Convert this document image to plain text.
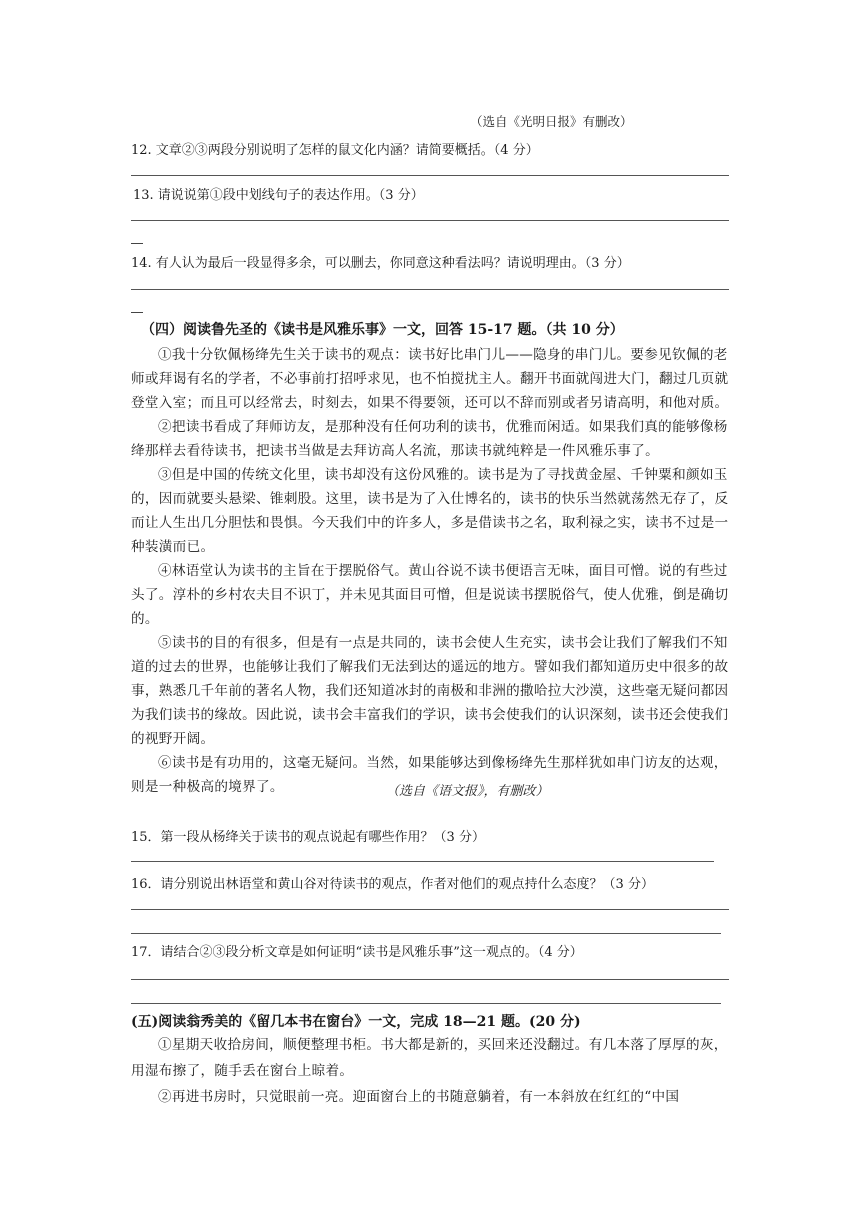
（选自《光明日报》有删改）
12. 文章②③两段分别说明了怎样的鼠文化内涵？请简要概括。（4 分）
13. 请说说第①段中划线句子的表达作用。（3 分）
14. 有人认为最后一段显得多余，可以删去，你同意这种看法吗？请说明理由。（3 分）
（四）阅读鲁先圣的《读书是风雅乐事》一文，回答 15-17 题。（共 10 分）

①我十分钦佩杨绛先生关于读书的观点：读书好比串门儿——隐身的串门儿。要参见钦佩的老师或拜谒有名的学者，不必事前打招呼求见，也不怕搅扰主人。翻开书面就闯进大门，翻过几页就登堂入室；而且可以经常去，时刻去，如果不得要领，还可以不辞而别或者另请高明，和他对质。

②把读书看成了拜师访友，是那种没有任何功利的读书，优雅而闲适。如果我们真的能够像杨绛那样去看待读书，把读书当做是去拜访高人名流，那读书就纯粹是一件风雅乐事了。

③但是中国的传统文化里，读书却没有这份风雅的。读书是为了寻找黄金屋、千钟粟和颜如玉的，因而就要头悬梁、锥刺股。这里，读书是为了入仕博名的，读书的快乐当然就荡然无存了，反而让人生出几分胆怯和畏惧。今天我们中的许多人，多是借读书之名，取利禄之实，读书不过是一种装潢而已。

④林语堂认为读书的主旨在于摆脱俗气。黄山谷说不读书便语言无味，面目可憎。说的有些过头了。淳朴的乡村农夫目不识丁，并未见其面目可憎，但是说读书摆脱俗气，使人优雅，倒是确切的。

⑤读书的目的有很多，但是有一点是共同的，读书会使人生充实，读书会让我们了解我们不知道的过去的世界，也能够让我们了解我们无法到达的遥远的地方。譬如我们都知道历史中很多的故事，熟悉几千年前的著名人物，我们还知道冰封的南极和非洲的撒哈拉大沙漠，这些毫无疑问都因为我们读书的缘故。因此说，读书会丰富我们的学识，读书会使我们的认识深刻，读书还会使我们的视野开阔。

⑥读书是有功用的，这毫无疑问。当然，如果能够达到像杨绛先生那样犹如串门访友的达观，则是一种极高的境界了。	（选自《语文报》，有删改）
15．第一段从杨绛关于读书的观点说起有哪些作用？（3 分）
16．请分别说出林语堂和黄山谷对待读书的观点，作者对他们的观点持什么态度？（3 分）
17．请结合②③段分析文章是如何证明“读书是风雅乐事”这一观点的。（4 分）
(五)阅读翁秀美的《留几本书在窗台》一文，完成 18—21 题。(20 分)

①星期天收拾房间，顺便整理书柜。书大都是新的，买回来还没翻过。有几本落了厚厚的灰，用湿布擦了，随手丢在窗台上晾着。

②再进书房时，只觉眼前一亮。迎面窗台上的书随意躺着，有一本斜放在红红的“中国
